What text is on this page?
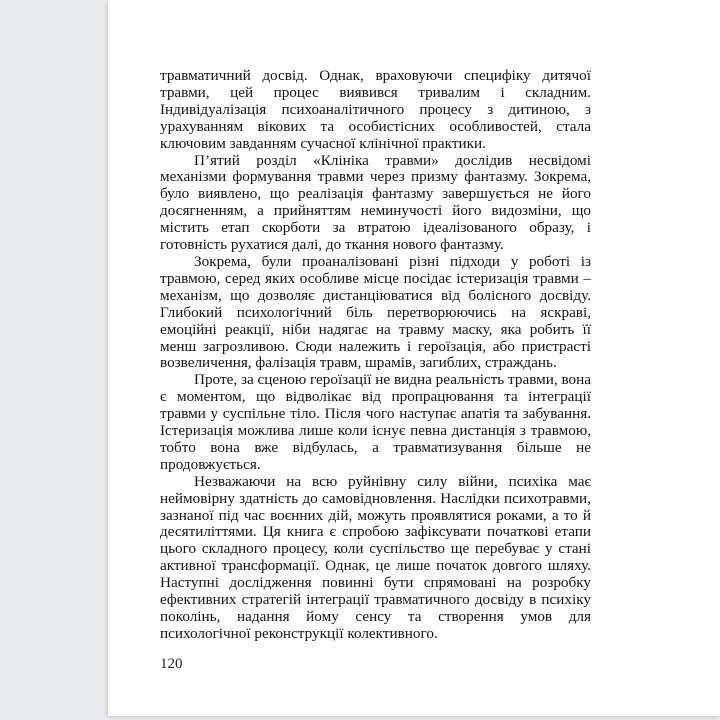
травматичний досвід. Однак, враховуючи специфіку дитячої травми, цей процес виявився тривалим і складним. Індивідуалізація психоаналітичного процесу з дитиною, з урахуванням вікових та особистісних особливостей, стала ключовим завданням сучасної клінічної практики.

П’ятий розділ «Клініка травми» дослідив несвідомі механізми формування травми через призму фантазму. Зокрема, було виявлено, що реалізація фантазму завершується не його досягненням, а прийняттям неминучості його видозміни, що містить етап скорботи за втратою ідеалізованого образу, і готовність рухатися далі, до ткання нового фантазму.

Зокрема, були проаналізовані різні підходи у роботі із травмою, серед яких особливе місце посідає істеризація травми – механізм, що дозволяє дистанціюватися від болісного досвіду. Глибокий психологічний біль перетворюючись на яскраві, емоційні реакції, ніби надягає на травму маску, яка робить її менш загрозливою. Сюди належить і героїзація, або пристрасті возвеличення, фалізація травм, шрамів, загиблих, страждань.

Проте, за сценою героїзації не видна реальність травми, вона є моментом, що відволікає від пропрацювання та інтеграції травми у суспільне тіло. Після чого наступає апатія та забування. Істеризація можлива лише коли існує певна дистанція з травмою, тобто вона вже відбулась, а травматизування більше не продовжується.

Незважаючи на всю руйнівну силу війни, психіка має неймовірну здатність до самовідновлення. Наслідки психотравми, зазнаної під час воєнних дій, можуть проявлятися роками, а то й десятиліттями. Ця книга є спробою зафіксувати початкові етапи цього складного процесу, коли суспільство ще перебуває у стані активної трансформації. Однак, це лише початок довгого шляху. Наступні дослідження повинні бути спрямовані на розробку ефективних стратегій інтеграції травматичного досвіду в психіку поколінь, надання йому сенсу та створення умов для психологічної реконструкції колективного.

120
